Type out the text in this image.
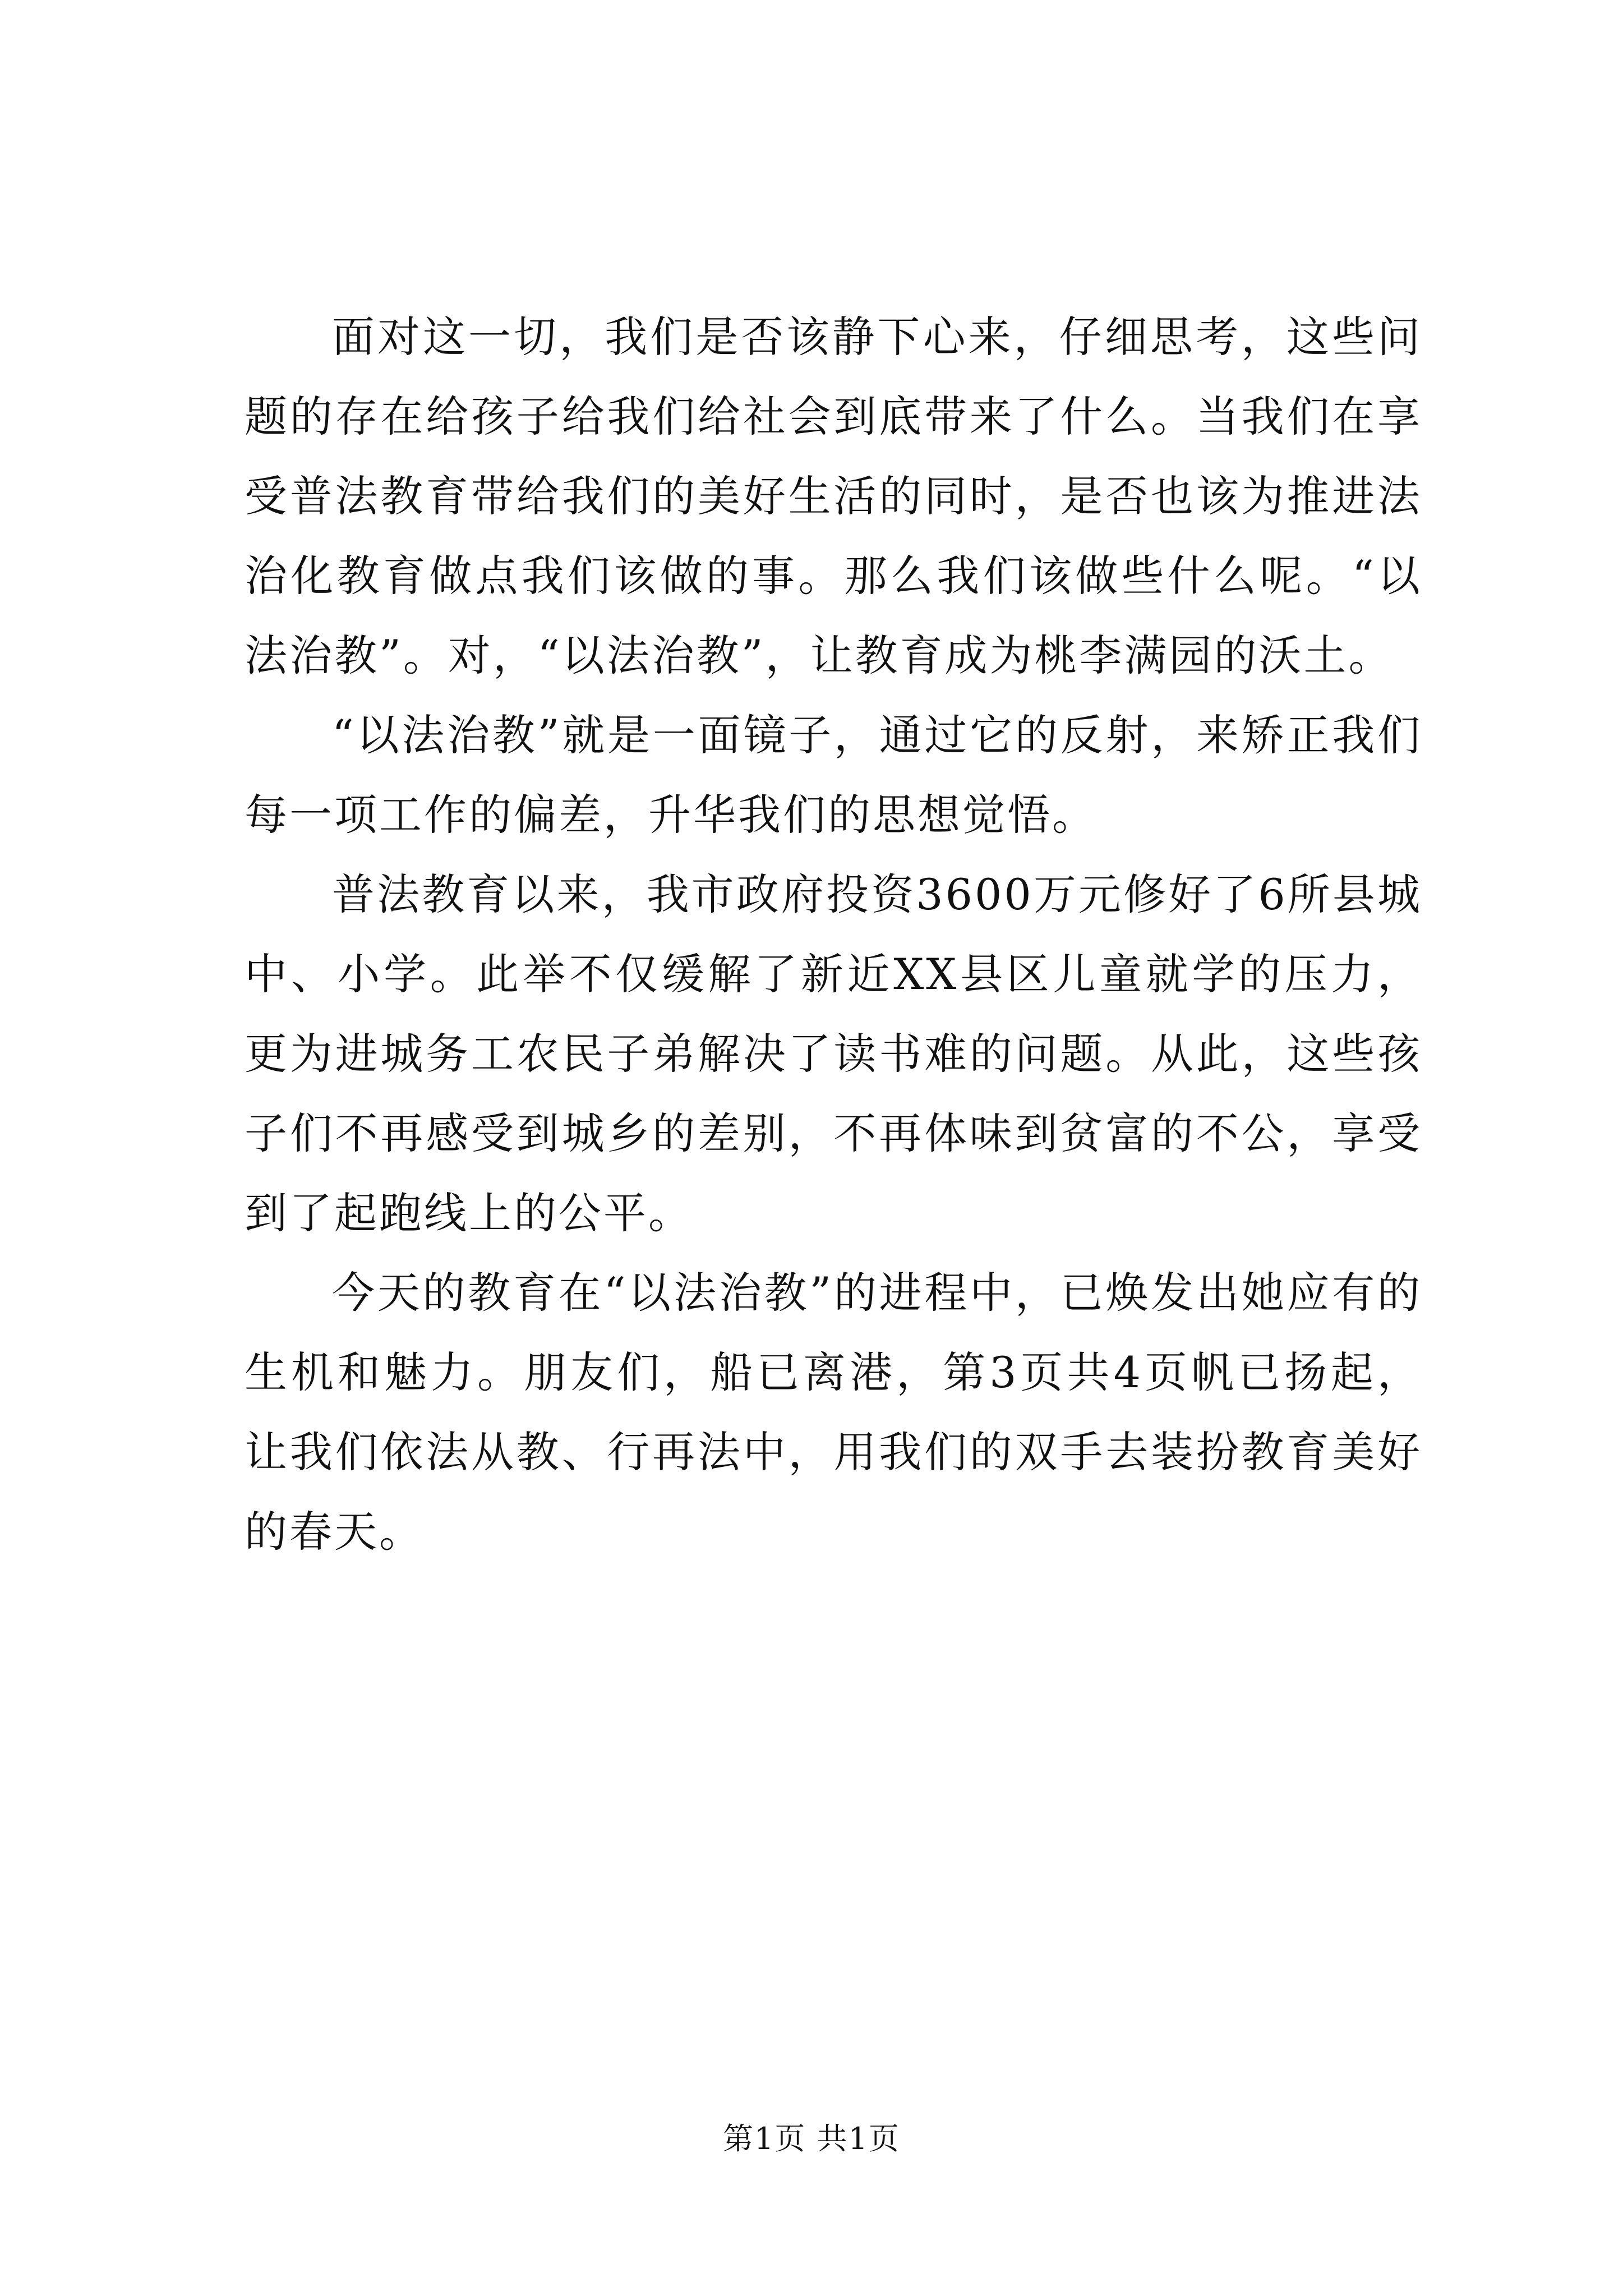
面对这一切，我们是否该静下心来，仔细思考，这些问题的存在给孩子给我们给社会到底带来了什么。当我们在享受普法教育带给我们的美好生活的同时，是否也该为推进法治化教育做点我们该做的事。那么我们该做些什么呢。“以法治教”。对，“以法治教”，让教育成为桃李满园的沃土。

“以法治教”就是一面镜子，通过它的反射，来矫正我们每一项工作的偏差，升华我们的思想觉悟。

普法教育以来，我市政府投资3600万元修好了6所县城中、小学。此举不仅缓解了新近XX县区儿童就学的压力，更为进城务工农民子弟解决了读书难的问题。从此，这些孩子们不再感受到城乡的差别，不再体味到贫富的不公，享受到了起跑线上的公平。

今天的教育在“以法治教”的进程中，已焕发出她应有的生机和魅力。朋友们，船已离港，第3页共4页帆已扬起，让我们依法从教、行再法中，用我们的双手去装扮教育美好的春天。

第1页 共1页
